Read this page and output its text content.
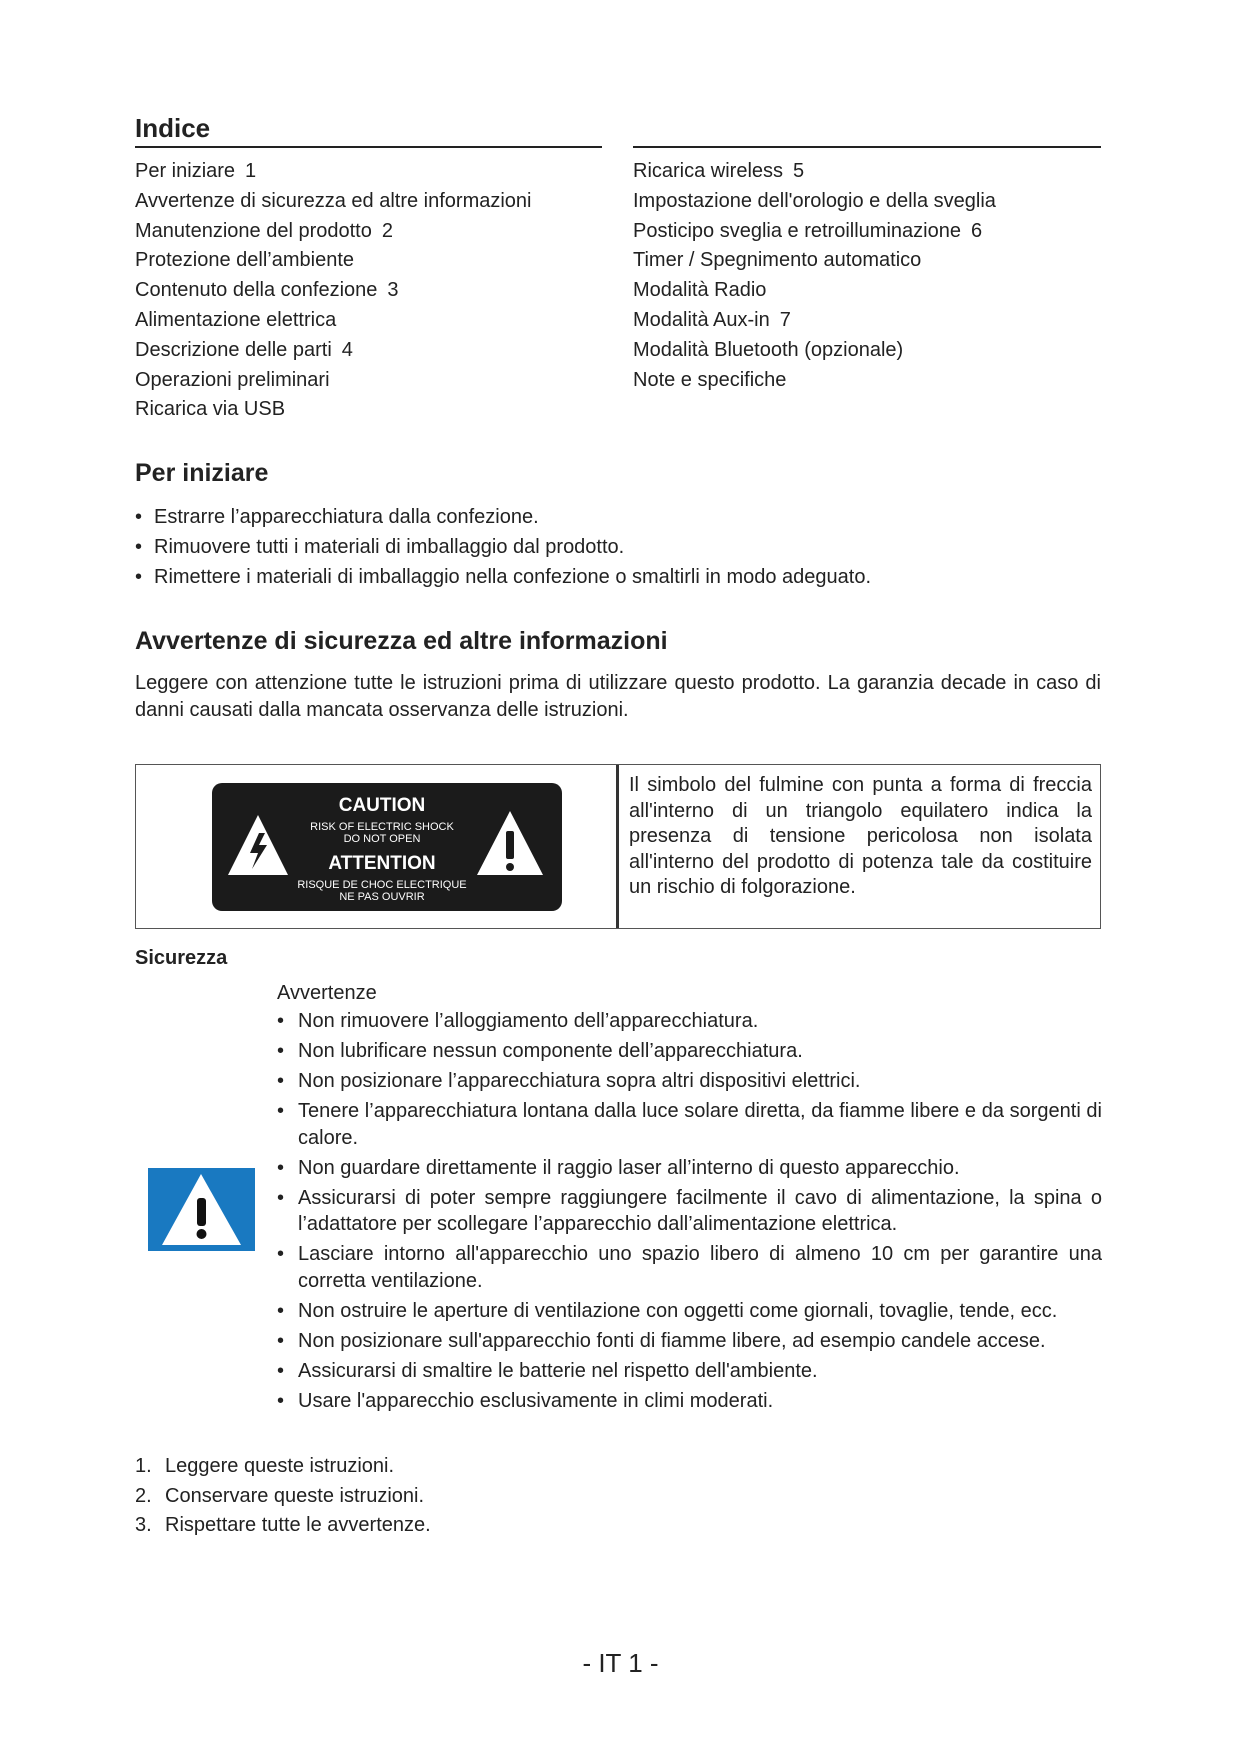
Indice
Per iniziare 1
Avvertenze di sicurezza ed altre informazioni
Manutenzione del prodotto 2
Protezione dell’ambiente
Contenuto della confezione 3
Alimentazione elettrica
Descrizione delle parti 4
Operazioni preliminari
Ricarica via USB
Ricarica wireless 5
Impostazione dell'orologio e della sveglia
Posticipo sveglia e retroilluminazione 6
Timer / Spegnimento automatico
Modalità Radio
Modalità Aux-in 7
Modalità Bluetooth (opzionale)
Note e specifiche
Per iniziare
• Estrarre l’apparecchiatura dalla confezione.
• Rimuovere tutti i materiali di imballaggio dal prodotto.
• Rimettere i materiali di imballaggio nella confezione o smaltirli in modo adeguato.
Avvertenze di sicurezza ed altre informazioni

Leggere con attenzione tutte le istruzioni prima di utilizzare questo prodotto. La garanzia decade in caso di danni causati dalla mancata osservanza delle istruzioni.

CAUTION
RISK OF ELECTRIC SHOCK
DO NOT OPEN
ATTENTION
RISQUE DE CHOC ELECTRIQUE
NE PAS OUVRIR

Il simbolo del fulmine con punta a forma di freccia all'interno di un triangolo equilatero indica la presenza di tensione pericolosa non isolata all'interno del prodotto di potenza tale da costituire un rischio di folgorazione.

Sicurezza

Avvertenze

• Non rimuovere l’alloggiamento dell’apparecchiatura.
• Non lubrificare nessun componente dell’apparecchiatura.
• Non posizionare l’apparecchiatura sopra altri dispositivi elettrici.
• Tenere l’apparecchiatura lontana dalla luce solare diretta, da fiamme libere e da sorgenti di calore.
• Non guardare direttamente il raggio laser all’interno di questo apparecchio.
• Assicurarsi di poter sempre raggiungere facilmente il cavo di alimentazione, la spina o l’adattatore per scollegare l’apparecchio dall’alimentazione elettrica.
• Lasciare intorno all'apparecchio uno spazio libero di almeno 10 cm per garantire una corretta ventilazione.
• Non ostruire le aperture di ventilazione con oggetti come giornali, tovaglie, tende, ecc.
• Non posizionare sull'apparecchio fonti di fiamme libere, ad esempio candele accese.
• Assicurarsi di smaltire le batterie nel rispetto dell'ambiente.
• Usare l'apparecchio esclusivamente in climi moderati.
1. Leggere queste istruzioni.
2. Conservare queste istruzioni.
3. Rispettare tutte le avvertenze.

- IT 1 -
